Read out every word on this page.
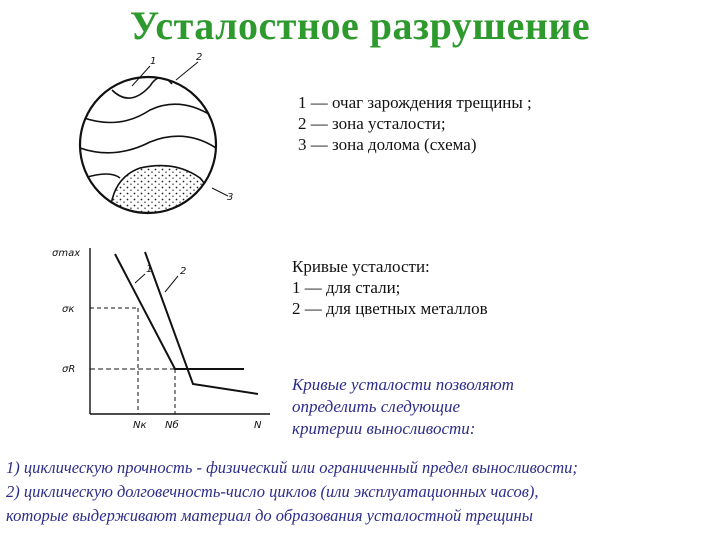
Усталостное разрушение
1	2
3
σmax
σк
σR
1	2
Nк Nб	N
1 — очаг зарождения трещины ;
2 — зона усталости;
3 — зона долома (схема)
Кривые усталости:
1 — для стали;
2 — для цветных металлов
Кривые усталости позволяют
определить следующие
критерии выносливости:
1) циклическую прочность - физический или ограниченный предел выносливости;
2) циклическую долговечность-число циклов (или эксплуатационных часов),
которые выдерживают материал до образования усталостной трещины
